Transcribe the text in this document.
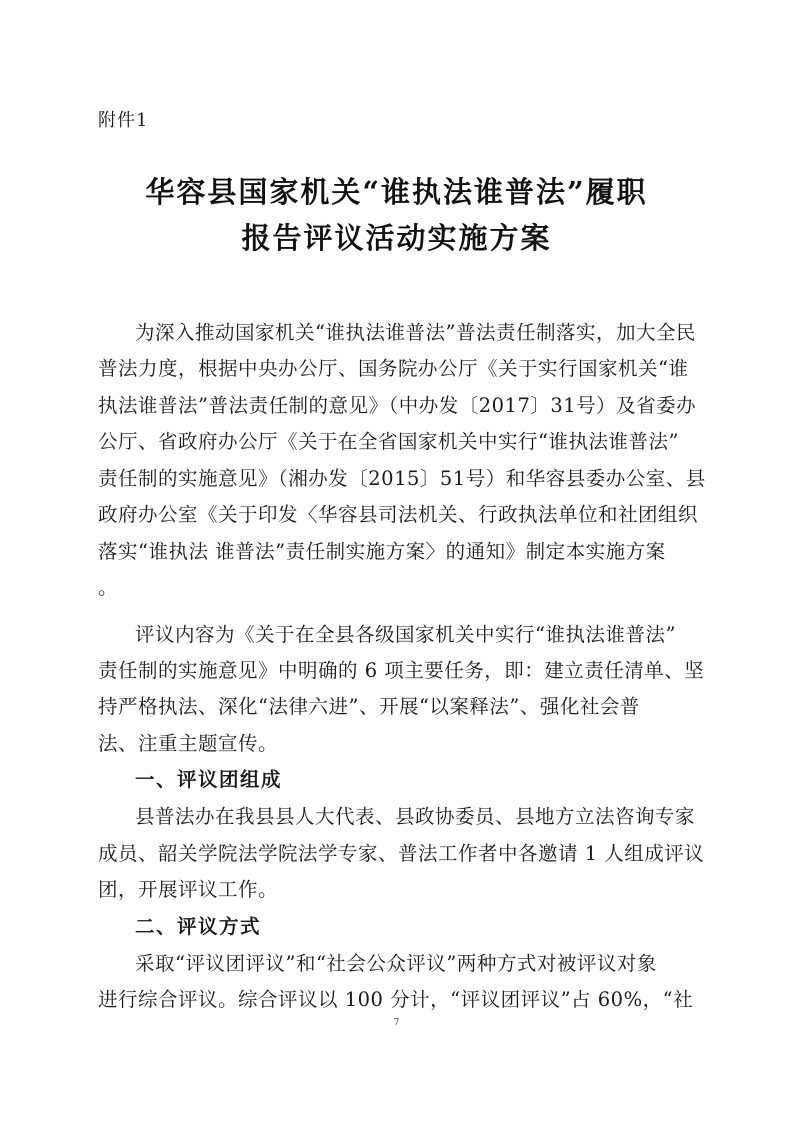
附件1
华容县国家机关“谁执法谁普法”履职
报告评议活动实施方案
为深入推动国家机关“谁执法谁普法”普法责任制落实，加大全民
普法力度，根据中央办公厅、国务院办公厅《关于实行国家机关“谁
执法谁普法”普法责任制的意见》（中办发〔2017〕31号）及省委办
公厅、省政府办公厅《关于在全省国家机关中实行“谁执法谁普法”
责任制的实施意见》（湘办发〔2015〕51号）和华容县委办公室、县
政府办公室《关于印发〈华容县司法机关、行政执法单位和社团组织
落实“谁执法 谁普法”责任制实施方案〉的通知》制定本实施方案
。
评议内容为《关于在全县各级国家机关中实行“谁执法谁普法”
责任制的实施意见》中明确的 6 项主要任务，即：建立责任清单、坚
持严格执法、深化“法律六进”、开展“以案释法”、强化社会普
法、注重主题宣传。
一、评议团组成
县普法办在我县县人大代表、县政协委员、县地方立法咨询专家
成员、韶关学院法学院法学专家、普法工作者中各邀请 1 人组成评议
团，开展评议工作。
二、评议方式
采取“评议团评议”和“社会公众评议”两种方式对被评议对象
进行综合评议。综合评议以 100 分计，“评议团评议”占 60%，“社
7
